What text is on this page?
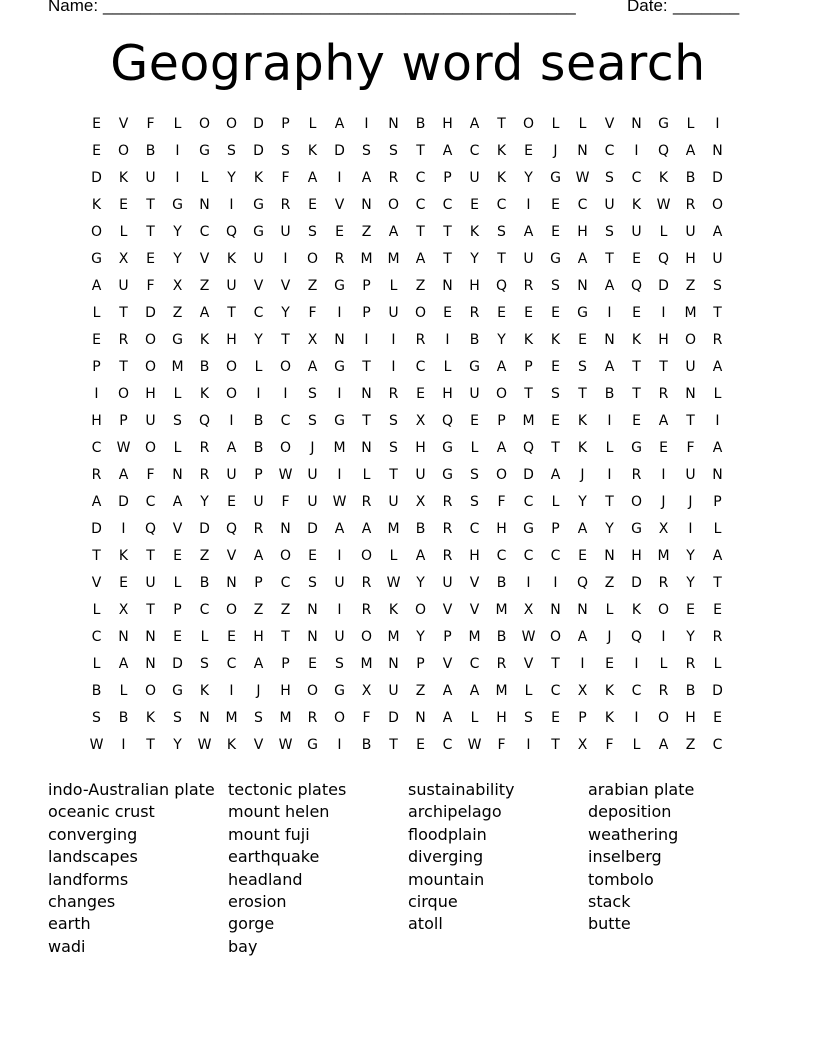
Name: __________________________________________________	Date: _______
Geography word search
E	V	F	L	O	O	D	P	L	A	I	N	B	H	A	T	O	L	L	V	N	G	L	I
E	O	B	I	G	S	D	S	K	D	S	S	T	A	C	K	E	J	N	C	I	Q	A	N
D	K	U	I	L	Y	K	F	A	I	A	R	C	P	U	K	Y	G	W	S	C	K	B	D
K	E	T	G	N	I	G	R	E	V	N	O	C	C	E	C	I	E	C	U	K	W	R	O
O	L	T	Y	C	Q	G	U	S	E	Z	A	T	T	K	S	A	E	H	S	U	L	U	A
G	X	E	Y	V	K	U	I	O	R	M	M	A	T	Y	T	U	G	A	T	E	Q	H	U
A	U	F	X	Z	U	V	V	Z	G	P	L	Z	N	H	Q	R	S	N	A	Q	D	Z	S
L	T	D	Z	A	T	C	Y	F	I	P	U	O	E	R	E	E	E	G	I	E	I	M	T
E	R	O	G	K	H	Y	T	X	N	I	I	R	I	B	Y	K	K	E	N	K	H	O	R
P	T	O	M	B	O	L	O	A	G	T	I	C	L	G	A	P	E	S	A	T	T	U	A
I	O	H	L	K	O	I	I	S	I	N	R	E	H	U	O	T	S	T	B	T	R	N	L
H	P	U	S	Q	I	B	C	S	G	T	S	X	Q	E	P	M	E	K	I	E	A	T	I
C	W	O	L	R	A	B	O	J	M	N	S	H	G	L	A	Q	T	K	L	G	E	F	A
R	A	F	N	R	U	P	W	U	I	L	T	U	G	S	O	D	A	J	I	R	I	U	N
A	D	C	A	Y	E	U	F	U	W	R	U	X	R	S	F	C	L	Y	T	O	J	J	P
D	I	Q	V	D	Q	R	N	D	A	A	M	B	R	C	H	G	P	A	Y	G	X	I	L
T	K	T	E	Z	V	A	O	E	I	O	L	A	R	H	C	C	C	E	N	H	M	Y	A
V	E	U	L	B	N	P	C	S	U	R	W	Y	U	V	B	I	I	Q	Z	D	R	Y	T
L	X	T	P	C	O	Z	Z	N	I	R	K	O	V	V	M	X	N	N	L	K	O	E	E
C	N	N	E	L	E	H	T	N	U	O	M	Y	P	M	B	W	O	A	J	Q	I	Y	R
L	A	N	D	S	C	A	P	E	S	M	N	P	V	C	R	V	T	I	E	I	L	R	L
B	L	O	G	K	I	J	H	O	G	X	U	Z	A	A	M	L	C	X	K	C	R	B	D
S	B	K	S	N	M	S	M	R	O	F	D	N	A	L	H	S	E	P	K	I	O	H	E
W	I	T	Y	W	K	V	W	G	I	B	T	E	C	W	F	I	T	X	F	L	A	Z	C
indo-Australian plate
oceanic crust
converging
landscapes
landforms
changes
earth
wadi
tectonic plates
mount helen
mount fuji
earthquake
headland
erosion
gorge
bay
sustainability
archipelago
floodplain
diverging
mountain
cirque
atoll
arabian plate
deposition
weathering
inselberg
tombolo
stack
butte
